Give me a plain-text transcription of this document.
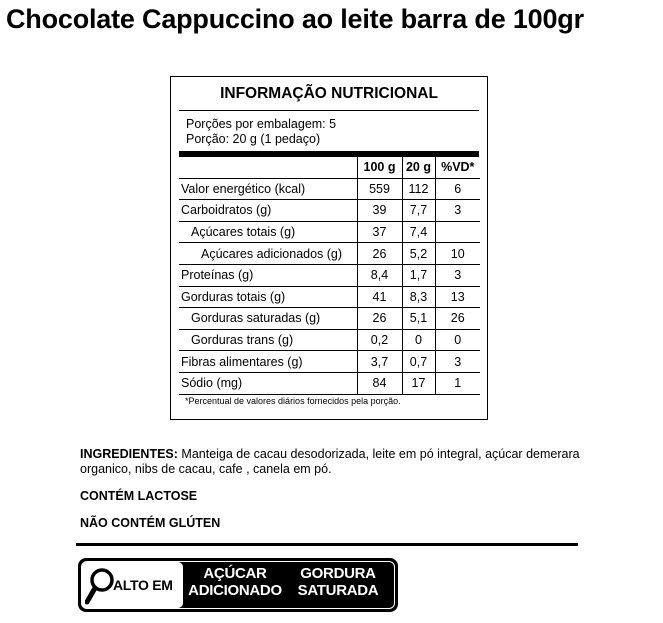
Chocolate Cappuccino ao leite barra de 100gr
INFORMAÇÃO NUTRICIONAL
Porções por embalagem: 5
Porção: 20 g (1 pedaço)
	100 g	20 g	%VD*
Valor energético (kcal)	559	112	6
Carboidratos (g)	39	7,7	3
Açúcares totais (g)	37	7,4	
Açúcares adicionados (g)	26	5,2	10
Proteínas (g)	8,4	1,7	3
Gorduras totais (g)	41	8,3	13
Gorduras saturadas (g)	26	5,1	26
Gorduras trans (g)	0,2	0	0
Fibras alimentares (g)	3,7	0,7	3
Sódio (mg)	84	17	1
*Percentual de valores diários fornecidos pela porção.
INGREDIENTES: Manteiga de cacau desodorizada, leite em pó integral, açúcar demerara organico, nibs de cacau, cafe , canela em pó.
CONTÉM LACTOSE
NÃO CONTÉM GLÚTEN
ALTO EM
AÇÚCAR
ADICIONADO
GORDURA
SATURADA
